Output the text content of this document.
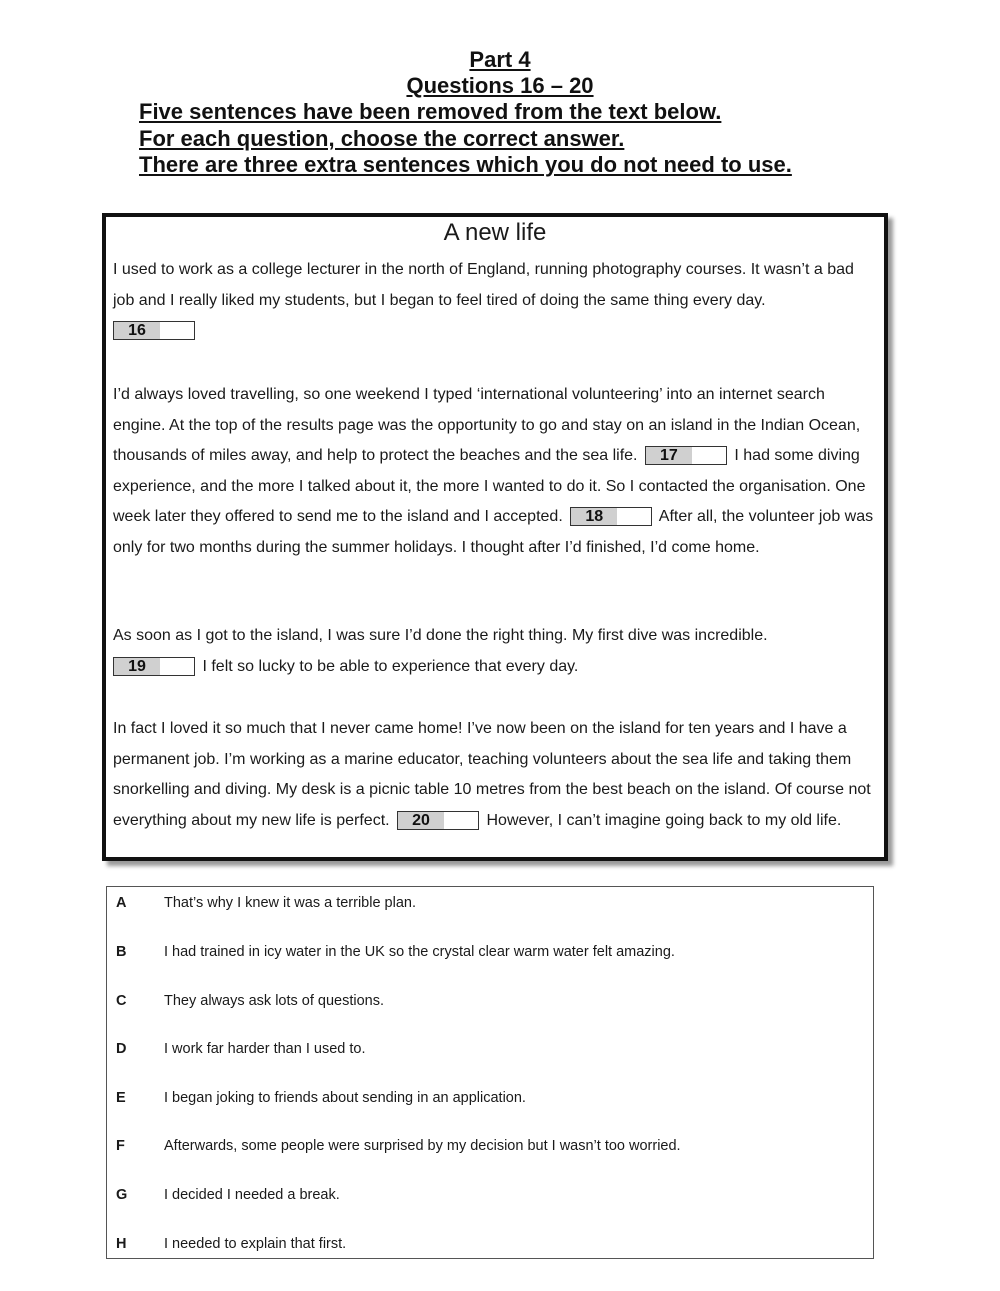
Part 4
Questions 16 – 20
Five sentences have been removed from the text below.
For each question, choose the correct answer.
There are three extra sentences which you do not need to use.
A new life
I used to work as a college lecturer in the north of England, running photography courses. It wasn’t a bad job and I really liked my students, but I began to feel tired of doing the same thing every day.

16
I’d always loved travelling, so one weekend I typed ‘international volunteering’ into an internet search engine. At the top of the results page was the opportunity to go and stay on an island in the Indian Ocean, thousands of miles away, and help to protect the beaches and the sea life.	17	I had some diving experience, and the more I talked about it, the more I wanted to do it. So I contacted the organisation. One week later they offered to send me to the island and I accepted.	18	After all, the volunteer job was only for two months during the summer holidays. I thought after I’d finished, I’d come home.
As soon as I got to the island, I was sure I’d done the right thing. My first dive was incredible.

19	I felt so lucky to be able to experience that every day.
In fact I loved it so much that I never came home! I’ve now been on the island for ten years and I have a permanent job. I’m working as a marine educator, teaching volunteers about the sea life and taking them snorkelling and diving. My desk is a picnic table 10 metres from the best beach on the island. Of course not everything about my new life is perfect.	20	However, I can’t imagine going back to my old life.
A	That’s why I knew it was a terrible plan.
B	I had trained in icy water in the UK so the crystal clear warm water felt amazing.
C	They always ask lots of questions.
D	I work far harder than I used to.
E	I began joking to friends about sending in an application.
F	Afterwards, some people were surprised by my decision but I wasn’t too worried.
G	I decided I needed a break.
H	I needed to explain that first.
